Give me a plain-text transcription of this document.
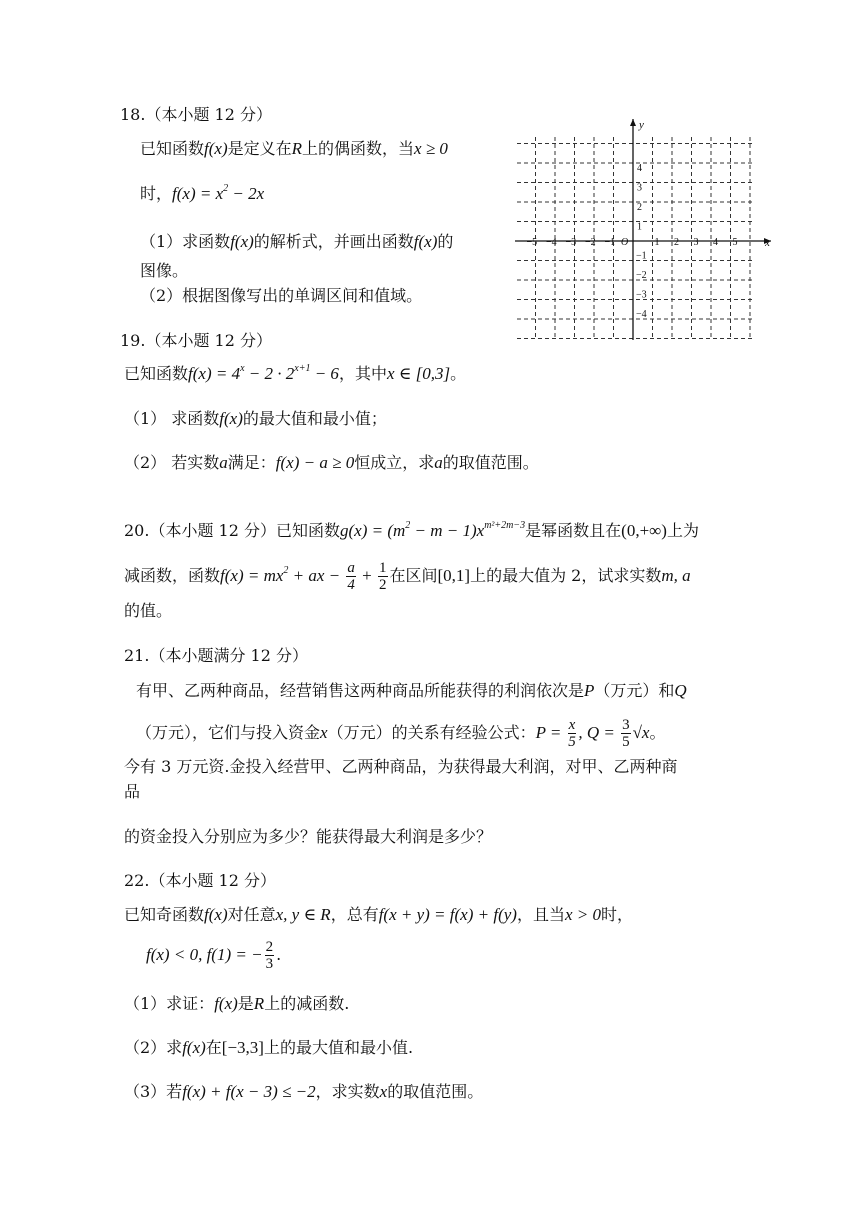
18.（本小题 12 分）
已知函数f(x)是定义在R上的偶函数，当x ≥ 0
时，$f(x) = x^2 - 2x$
（1）求函数f(x)的解析式，并画出函数f(x)的
图像。
（2）根据图像写出的单调区间和值域。
x
y
O
−5 −4 −3 −2 −1	1 2 3 4 5
4
3
2
1
−1
−2
−3
−4
19.（本小题 12 分）
已知函数$f(x) = 4^x - 2 \cdot 2^{x+1} - 6$，其中x ∈ [0,3]。
（1） 求函数f(x)的最大值和最小值；
（2） 若实数a满足：f(x) − a ≥ 0恒成立，求a的取值范围。
20.（本小题 12 分）已知函数$g(x) = (m^2 - m - 1)x^{m^2+2m-3}$是幂函数且在(0,+∞)上为
减函数，函数$f(x) = mx^2$ + ax − $\frac{a}{4} + \frac{1}{2}$ 在区间[0,1]上的最大值为 2，试求实数m, a
的值。
21.（本小题满分 12 分）
有甲、乙两种商品，经营销售这两种商品所能获得的利润依次是P（万元）和Q
（万元），它们与投入资金x（万元）的关系有经验公式：$P = \frac{x}{5}$ , $Q = \frac{3}{5} √x$。
今有 3 万元资.金投入经营甲、乙两种商品，为获得最大利润，对甲、乙两种商
品
的资金投入分别应为多少？能获得最大利润是多少？
22.（本小题 12 分）
已知奇函数f(x)对任意x, y ∈ R，总有f(x + y) = f(x) + f(y)，且当x > 0时，
f(x) < 0, f(1) = − $\frac{2}{3}$ .
（1）求证：f(x)是R上的减函数.
（2）求f(x)在[−3,3]上的最大值和最小值.
（3）若f(x) + f(x − 3) ≤ −2，求实数x的取值范围。
